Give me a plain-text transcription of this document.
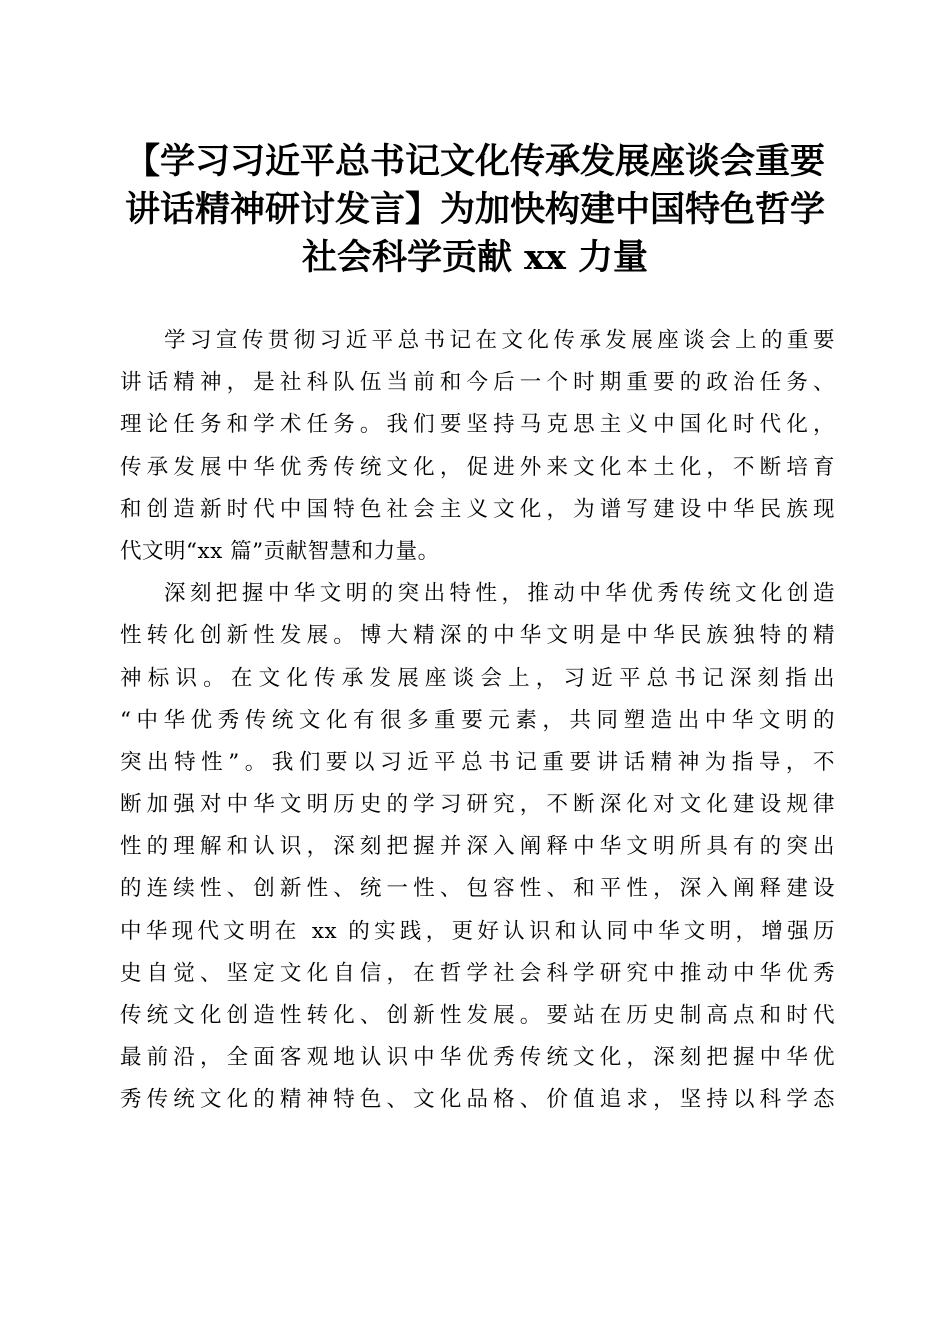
【学习习近平总书记文化传承发展座谈会重要
讲话精神研讨发言】为加快构建中国特色哲学
社会科学贡献 xx 力量
学习宣传贯彻习近平总书记在文化传承发展座谈会上的重要
讲话精神，是社科队伍当前和今后一个时期重要的政治任务、
理论任务和学术任务。我们要坚持马克思主义中国化时代化，
传承发展中华优秀传统文化，促进外来文化本土化，不断培育
和创造新时代中国特色社会主义文化，为谱写建设中华民族现
代文明“xx 篇”贡献智慧和力量。
深刻把握中华文明的突出特性，推动中华优秀传统文化创造
性转化创新性发展。博大精深的中华文明是中华民族独特的精
神标识。在文化传承发展座谈会上，习近平总书记深刻指出
“中华优秀传统文化有很多重要元素，共同塑造出中华文明的
突出特性”。我们要以习近平总书记重要讲话精神为指导，不
断加强对中华文明历史的学习研究，不断深化对文化建设规律
性的理解和认识，深刻把握并深入阐释中华文明所具有的突出
的连续性、创新性、统一性、包容性、和平性，深入阐释建设
中华现代文明在 xx 的实践，更好认识和认同中华文明，增强历
史自觉、坚定文化自信，在哲学社会科学研究中推动中华优秀
传统文化创造性转化、创新性发展。要站在历史制高点和时代
最前沿，全面客观地认识中华优秀传统文化，深刻把握中华优
秀传统文化的精神特色、文化品格、价值追求，坚持以科学态
